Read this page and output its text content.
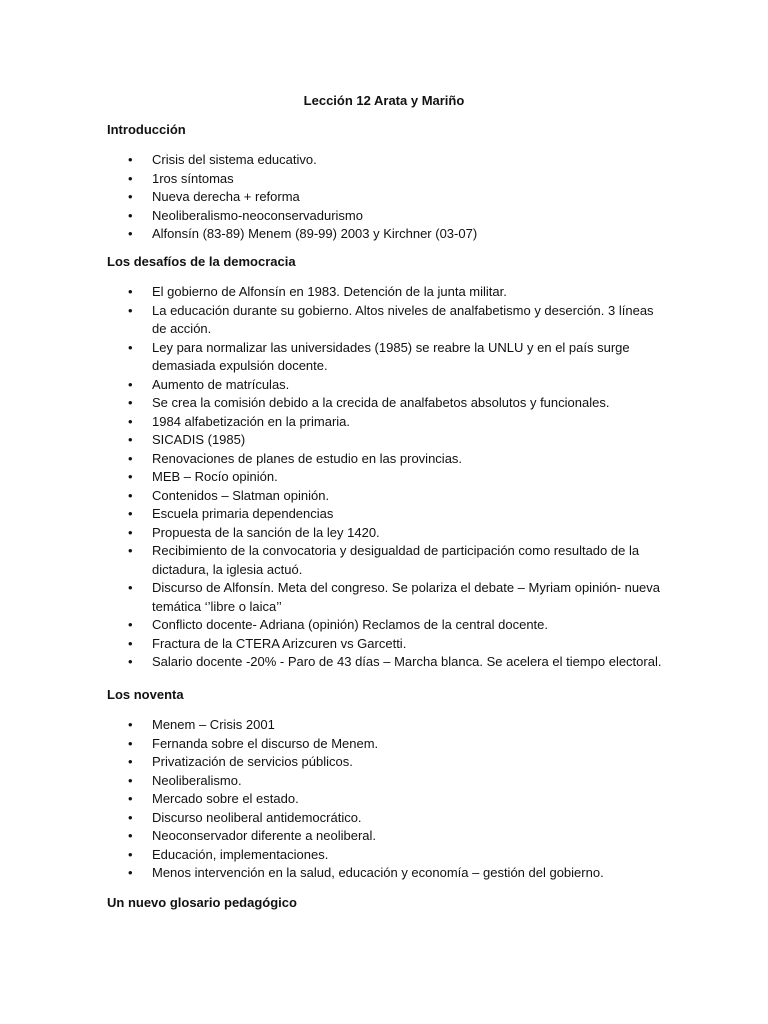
Lección 12 Arata y Mariño
Introducción
• Crisis del sistema educativo.
• 1ros síntomas
• Nueva derecha + reforma
• Neoliberalismo-neoconservadurismo
• Alfonsín (83-89) Menem (89-99) 2003 y Kirchner (03-07)
Los desafíos de la democracia
• El gobierno de Alfonsín en 1983. Detención de la junta militar.
• La educación durante su gobierno. Altos niveles de analfabetismo y deserción. 3 líneas de acción.
• Ley para normalizar las universidades (1985) se reabre la UNLU y en el país surge demasiada expulsión docente.
• Aumento de matrículas.
• Se crea la comisión debido a la crecida de analfabetos absolutos y funcionales.
• 1984 alfabetización en la primaria.
• SICADIS (1985)
• Renovaciones de planes de estudio en las provincias.
• MEB – Rocío opinión.
• Contenidos – Slatman opinión.
• Escuela primaria dependencias
• Propuesta de la sanción de la ley 1420.
• Recibimiento de la convocatoria y desigualdad de participación como resultado de la dictadura, la iglesia actuó.
• Discurso de Alfonsín. Meta del congreso. Se polariza el debate – Myriam opinión- nueva temática ‘’libre o laica’’
• Conflicto docente- Adriana (opinión) Reclamos de la central docente.
• Fractura de la CTERA Arizcuren vs Garcetti.
• Salario docente -20% - Paro de 43 días – Marcha blanca. Se acelera el tiempo electoral.
Los noventa
• Menem – Crisis 2001
• Fernanda sobre el discurso de Menem.
• Privatización de servicios públicos.
• Neoliberalismo.
• Mercado sobre el estado.
• Discurso neoliberal antidemocrático.
• Neoconservador diferente a neoliberal.
• Educación, implementaciones.
• Menos intervención en la salud, educación y economía – gestión del gobierno.
Un nuevo glosario pedagógico
